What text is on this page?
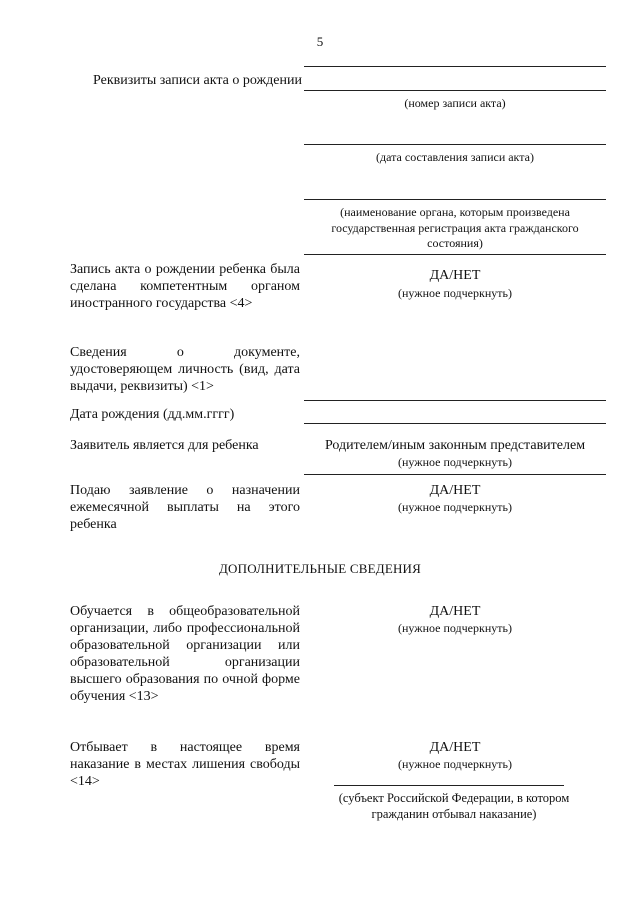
5
Реквизиты записи акта о рождении
(номер записи акта)
(дата составления записи акта)
(наименование органа, которым произведена государственная регистрация акта гражданского состояния)
Запись акта о рождении ребенка была сделана компетентным органом иностранного государства <4>
ДА/НЕТ
(нужное подчеркнуть)
Сведения о документе, удостоверяющем личность (вид, дата выдачи, реквизиты) <1>
Дата рождения (дд.мм.гггг)
Заявитель является для ребенка	Родителем/иным законным представителем
(нужное подчеркнуть)
Подаю заявление о назначении ежемесячной выплаты на этого ребенка
ДА/НЕТ
(нужное подчеркнуть)
ДОПОЛНИТЕЛЬНЫЕ СВЕДЕНИЯ
Обучается в общеобразовательной организации, либо профессиональной образовательной организации или образовательной организации высшего образования по очной форме обучения <13>
ДА/НЕТ
(нужное подчеркнуть)
Отбывает в настоящее время наказание в местах лишения свободы <14>
ДА/НЕТ
(нужное подчеркнуть)
(субъект Российской Федерации, в котором гражданин отбывал наказание)
